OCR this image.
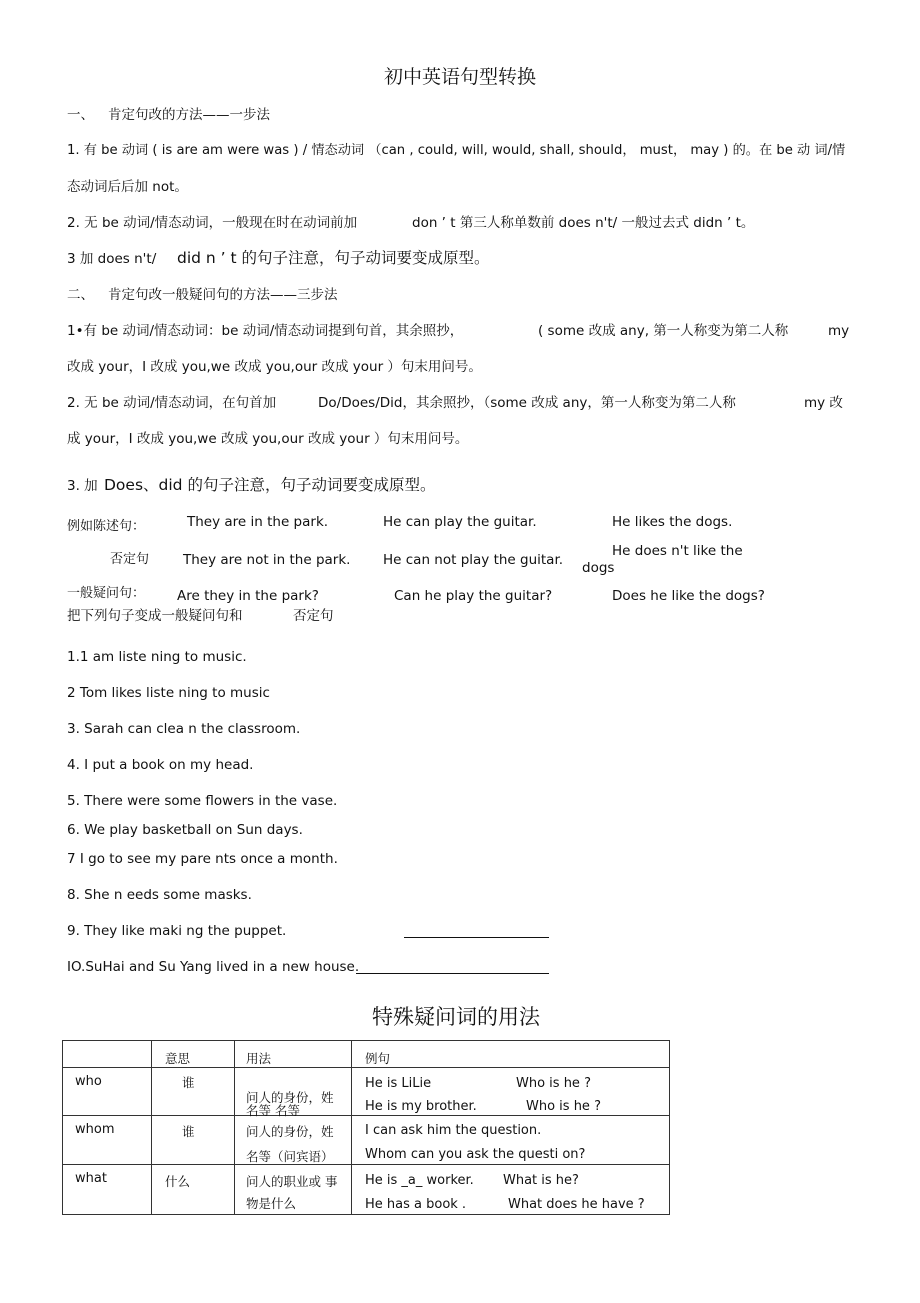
初中英语句型转换
一、 肯定句改的方法——一步法
1. 有 be 动词 ( is are am were was ) / 情态动词 （can , could, will, would, shall, should， must， may ) 的。在 be 动 词/情
态动词后后加 not。
2. 无 be 动词/情态动词，一般现在时在动词前加	don ’ t 第三人称单数前 does n't/ 一般过去式 didn ’ t。
3 加 does n't/ did n ’ t 的句子注意，句子动词要变成原型。
二、 肯定句改一般疑问句的方法——三步法
1•有 be 动词/情态动词：be 动词/情态动词提到句首，其余照抄，	( some 改成 any, 第一人称变为第二人称	my
改成 your，I 改成 you,we 改成 you,our 改成 your ）句末用问号。
2. 无 be 动词/情态动词，在句首加	Do/Does/Did，其余照抄，（some 改成 any，第一人称变为第二人称	my 改
成 your，I 改成 you,we 改成 you,our 改成 your ）句末用问号。
3. 加 Does、did 的句子注意，句子动词要变成原型。
例如陈述句：	They are in the park.	He can play the guitar.	He likes the dogs.
否定句	They are not in the park. He can not play the guitar.
He does n't like the
dogs
一般疑问句： Are they in the park?	Can he play the guitar?	Does he like the dogs?
把下列句子变成一般疑问句和	否定句
1.1 am liste ning to music.
2 Tom likes liste ning to music
3. Sarah can clea n the classroom.
4. I put a book on my head.
5. There were some flowers in the vase.
6. We play basketball on Sun days.
7 I go to see my pare nts once a month.
8. She n eeds some masks.
9. They like maki ng the puppet.
IO.SuHai and Su Yang lived in a new house.
特殊疑问词的用法

	意思	用法	例句

who	谁	问人的身份，姓
名等 名等	He is LiLie Who is he ?
He is my brother. Who is he ?

whom	谁	问人的身份，姓
名等（问宾语）	I can ask him the question.
Whom can you ask the questi on?

what	什么	问人的职业或 事
物是什么	He is _a_ worker. What is he?
He has a book . What does he have ?
